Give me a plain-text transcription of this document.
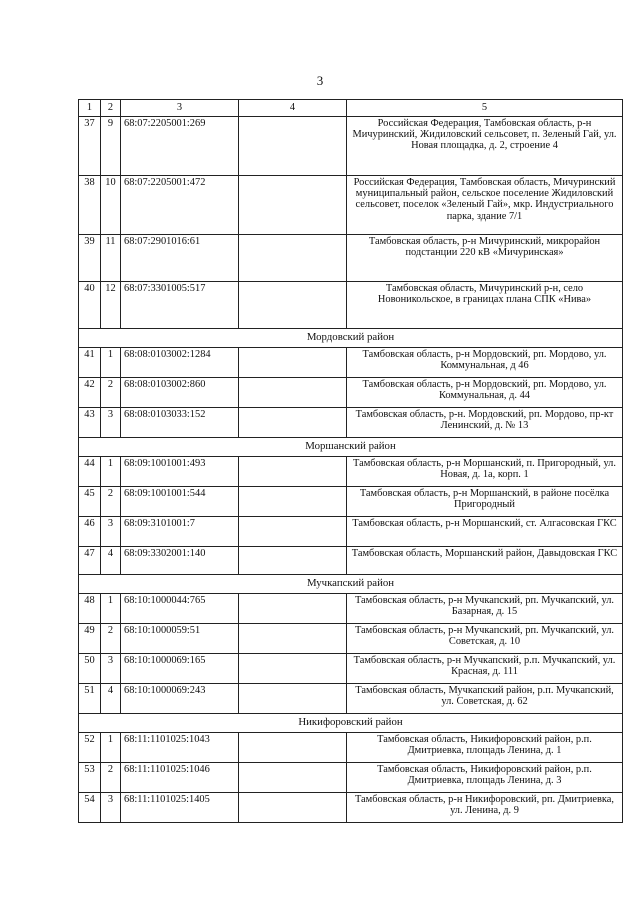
3
1	2	3	4	5
37	9	68:07:2205001:269		Российская Федерация, Тамбовская область, р-н Мичуринский, Жидиловский сельсовет, п. Зеленый Гай, ул. Новая площадка, д. 2, строение 4
38	10	68:07:2205001:472		Российская Федерация, Тамбовская область, Мичуринский муниципальный район, сельское поселение Жидиловский сельсовет, поселок «Зеленый Гай», мкр. Индустриального парка, здание 7/1
39	11	68:07:2901016:61		Тамбовская область, р-н Мичуринский, микрорайон подстанции 220 кВ «Мичуринская»
40	12	68:07:3301005:517		Тамбовская область, Мичуринский р-н, село Новоникольское, в границах плана СПК «Нива»
Мордовский район				
41	1	68:08:0103002:1284		Тамбовская область, р-н Мордовский, рп. Мордово, ул. Коммунальная, д 46
42	2	68:08:0103002:860		Тамбовская область, р-н Мордовский, рп. Мордово, ул. Коммунальная, д. 44
43	3	68:08:0103033:152		Тамбовская область, р-н. Мордовский, рп. Мордово, пр-кт Ленинский, д. № 13
Моршанский район				
44	1	68:09:1001001:493		Тамбовская область, р-н Моршанский, п. Пригородный, ул. Новая, д. 1а, корп. 1
45	2	68:09:1001001:544		Тамбовская область, р-н Моршанский, в районе посёлка Пригородный
46	3	68:09:3101001:7		Тамбовская область, р-н Моршанский, ст. Алгасовская ГКС
47	4	68:09:3302001:140		Тамбовская область, Моршанский район, Давыдовская ГКС
Мучкапский район				
48	1	68:10:1000044:765		Тамбовская область, р-н Мучкапский, рп. Мучкапский, ул. Базарная, д. 15
49	2	68:10:1000059:51		Тамбовская область, р-н Мучкапский, рп. Мучкапский, ул. Советская, д. 10
50	3	68:10:1000069:165		Тамбовская область, р-н Мучкапский, р.п. Мучкапский, ул. Красная, д. 111
51	4	68:10:1000069:243		Тамбовская область, Мучкапский район, р.п. Мучкапский, ул. Советская, д. 62
Никифоровский район				
52	1	68:11:1101025:1043		Тамбовская область, Никифоровский район, р.п. Дмитриевка, площадь Ленина, д. 1
53	2	68:11:1101025:1046		Тамбовская область, Никифоровский район, р.п. Дмитриевка, площадь Ленина, д. 3
54	3	68:11:1101025:1405		Тамбовская область, р-н Никифоровский, рп. Дмитриевка, ул. Ленина, д. 9
